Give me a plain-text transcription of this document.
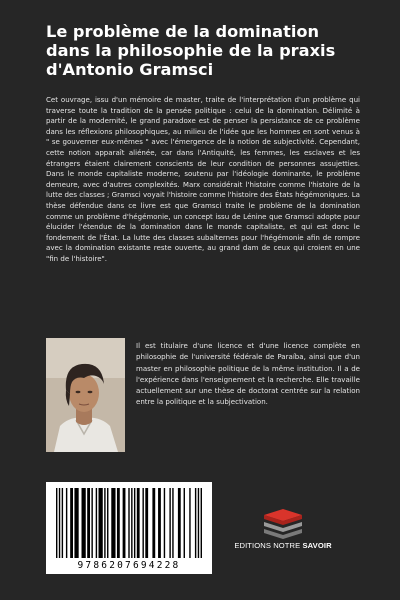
Le problème de la domination dans la philosophie de la praxis d'Antonio Gramsci

Cet ouvrage, issu d'un mémoire de master, traite de l'interprétation d'un problème qui traverse toute la tradition de la pensée politique : celui de la domination. Délimité à partir de la modernité, le grand paradoxe est de penser la persistance de ce problème dans les réflexions philosophiques, au milieu de l'idée que les hommes en sont venus à " se gouverner eux-mêmes " avec l'émergence de la notion de subjectivité. Cependant, cette notion apparaît aliénée, car dans l'Antiquité, les femmes, les esclaves et les étrangers étaient clairement conscients de leur condition de personnes assujetties. Dans le monde capitaliste moderne, soutenu par l'idéologie dominante, le problème demeure, avec d'autres complexités. Marx considérait l'histoire comme l'histoire de la lutte des classes ; Gramsci voyait l'histoire comme l'histoire des États hégémoniques. La thèse défendue dans ce livre est que Gramsci traite le problème de la domination comme un problème d'hégémonie, un concept issu de Lénine que Gramsci adopte pour élucider l'étendue de la domination dans le monde capitaliste, et qui est donc le fondement de l'État. La lutte des classes subalternes pour l'hégémonie afin de rompre avec la domination existante reste ouverte, au grand dam de ceux qui croient en une "fin de l'histoire".

Il est titulaire d'une licence et d'une licence complète en philosophie de l'université fédérale de Paraíba, ainsi que d'un master en philosophie politique de la même institution. Il a de l'expérience dans l'enseignement et la recherche. Elle travaille actuellement sur une thèse de doctorat centrée sur la relation entre la politique et la subjectivation.

9786207694228
EDITIONS NOTRE SAVOIR
